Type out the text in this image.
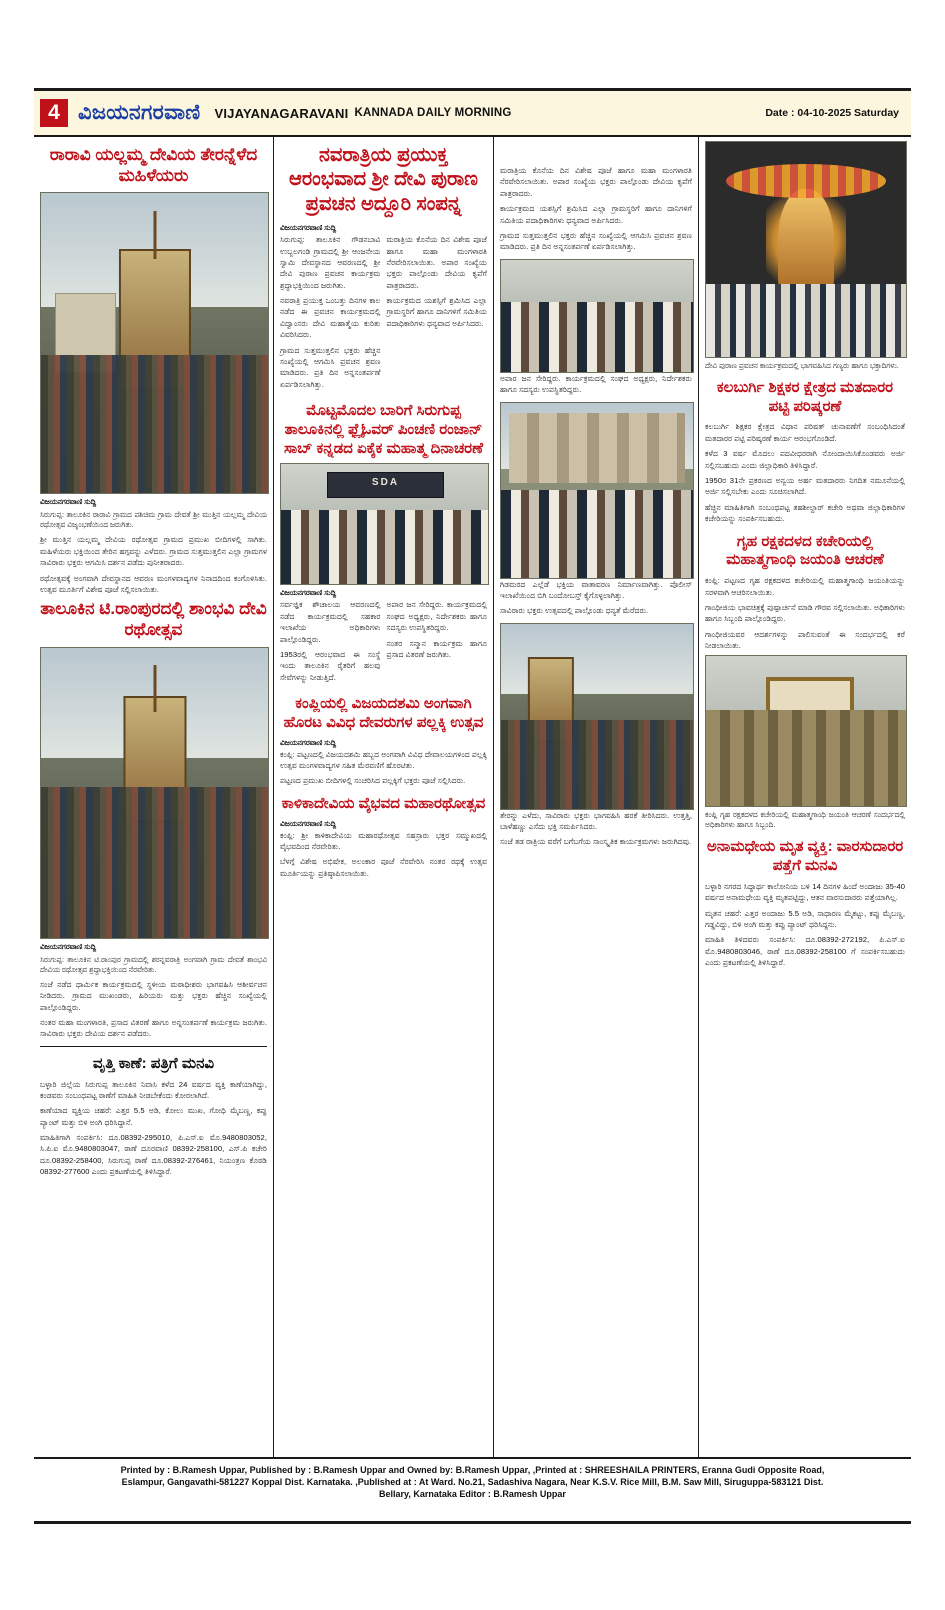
4 ವಿಜಯನಗರವಾಣಿ VIJAYANAGARAVANI KANNADA DAILY MORNING	Date : 04-10-2025 Saturday
ರಾರಾವಿ ಯಲ್ಲಮ್ಮ ದೇವಿಯ ತೇರನ್ನೆಳೆದ ಮಹಿಳೆಯರು
ವಿಜಯನಗರವಾಣಿ ಸುದ್ದಿ

ಸಿರುಗುಪ್ಪ: ತಾಲೂಕಿನ ರಾರಾವಿ ಗ್ರಾಮದ ಪಶಿಚಿಮ ಗ್ರಾಮ ದೇವತೆ ಶ್ರೀ ಮುತ್ತಿನ ಯಲ್ಲಮ್ಮ ದೇವಿಯ ರಥೋತ್ಸವ ವಿಜೃಂಭಣೆಯಿಂದ ಜರುಗಿತು.

ಶ್ರೀ ಮುತ್ತಿನ ಯಲ್ಲಮ್ಮ ದೇವಿಯ ರಥೋತ್ಸವ ಗ್ರಾಮದ ಪ್ರಮುಖ ಬೀದಿಗಳಲ್ಲಿ ಸಾಗಿತು. ಮಹಿಳೆಯರು ಭಕ್ತಿಯಿಂದ ತೇರಿನ ಹಗ್ಗವನ್ನು ಎಳೆದರು. ಗ್ರಾಮದ ಸುತ್ತಮುತ್ತಲಿನ ಎಲ್ಲಾ ಗ್ರಾಮಗಳ ಸಾವಿರಾರು ಭಕ್ತರು ಆಗಮಿಸಿ ದರ್ಶನ ಪಡೆದು ಪುನೀತರಾದರು.

ರಥೋತ್ಸವಕ್ಕೆ ಅಂಗವಾಗಿ ದೇವಸ್ಥಾನದ ಆವರಣ ಮಂಗಳವಾದ್ಯಗಳ ನಿನಾದದಿಂದ ಕಂಗೊಳಿಸಿತು. ಉತ್ಸವ ಮೂರ್ತಿಗೆ ವಿಶೇಷ ಪೂಜೆ ಸಲ್ಲಿಸಲಾಯಿತು.

ತಾಲೂಕಿನ ಟಿ.ರಾಂಪುರದಲ್ಲಿ ಶಾಂಭವಿ ದೇವಿ ರಥೋತ್ಸವ
ವಿಜಯನಗರವಾಣಿ ಸುದ್ದಿ

ಸಿರುಗುಪ್ಪ: ತಾಲೂಕಿನ ಟಿ.ರಾಂಪುರ ಗ್ರಾಮದಲ್ಲಿ ಶರನ್ನವರಾತ್ರಿ ಅಂಗವಾಗಿ ಗ್ರಾಮ ದೇವತೆ ಶಾಂಭವಿ ದೇವಿಯ ರಥೋತ್ಸವ ಶ್ರದ್ಧಾಭಕ್ತಿಯಿಂದ ನೆರವೇರಿತು.

ಸಂಜೆ ನಡೆದ ಧಾರ್ಮಿಕ ಕಾರ್ಯಕ್ರಮದಲ್ಲಿ ಸ್ಥಳೀಯ ಮಠಾಧೀಶರು ಭಾಗವಹಿಸಿ ಆಶೀರ್ವಚನ ನೀಡಿದರು. ಗ್ರಾಮದ ಮುಖಂಡರು, ಹಿರಿಯರು ಮತ್ತು ಭಕ್ತರು ಹೆಚ್ಚಿನ ಸಂಖ್ಯೆಯಲ್ಲಿ ಪಾಲ್ಗೊಂಡಿದ್ದರು.

ನಂತರ ಮಹಾ ಮಂಗಳಾರತಿ, ಪ್ರಸಾದ ವಿತರಣೆ ಹಾಗೂ ಅನ್ನಸಂತರ್ಪಣೆ ಕಾರ್ಯಕ್ರಮ ಜರುಗಿತು. ಸಾವಿರಾರು ಭಕ್ತರು ದೇವಿಯ ದರ್ಶನ ಪಡೆದರು.

ವೃತ್ತಿ ಕಾಣೆ: ಪತ್ರಿಗೆ ಮನವಿ

ಬಳ್ಳಾರಿ ಜಿಲ್ಲೆಯ ಸಿರುಗುಪ್ಪ ತಾಲೂಕಿನ ನಿವಾಸಿ ಕಳೆದ 24 ವರ್ಷದ ವ್ಯಕ್ತಿ ಕಾಣೆಯಾಗಿದ್ದು, ಕಂಡವರು ಸಂಬಂಧಪಟ್ಟ ಠಾಣೆಗೆ ಮಾಹಿತಿ ನೀಡಬೇಕೆಂದು ಕೋರಲಾಗಿದೆ.

ಕಾಣೆಯಾದ ವ್ಯಕ್ತಿಯ ಚಹರೆ: ಎತ್ತರ 5.5 ಅಡಿ, ಕೋಲು ಮುಖ, ಗೋಧಿ ಮೈಬಣ್ಣ, ಕಪ್ಪು ಪ್ಯಾಂಟ್ ಮತ್ತು ಬಿಳಿ ಅಂಗಿ ಧರಿಸಿದ್ದಾನೆ.

ಮಾಹಿತಿಗಾಗಿ ಸಂಪರ್ಕಿಸಿ: ದೂ.08392-295010, ಪಿ.ಎಸ್.ಐ ಮೊ.9480803052, ಸಿ.ಪಿ.ಐ ಮೊ.9480803047, ಠಾಣೆ ದೂರವಾಣಿ 08392-258100, ಎಸ್.ಪಿ ಕಚೇರಿ ದೂ.08392-258400, ಸಿರುಗುಪ್ಪ ಠಾಣೆ ದೂ.08392-276461, ನಿಯಂತ್ರಣ ಕೊಠಡಿ 08392-277600 ಎಂದು ಪ್ರಕಟಣೆಯಲ್ಲಿ ತಿಳಿಸಿದ್ದಾರೆ.

ನವರಾತ್ರಿಯ ಪ್ರಯುಕ್ತ ಆರಂಭವಾದ ಶ್ರೀ ದೇವಿ ಪುರಾಣ ಪ್ರವಚನ ಅದ್ದೂರಿ ಸಂಪನ್ನ
ವಿಜಯನಗರವಾಣಿ ಸುದ್ದಿ

ಸಿರುಗುಪ್ಪ: ತಾಲೂಕಿನ ಗೌಡನಬಾವಿ ಉಬ್ಬಲಗಂಡಿ ಗ್ರಾಮದಲ್ಲಿ ಶ್ರೀ ಆಂಜನೇಯ ಸ್ವಾಮಿ ದೇವಸ್ಥಾನದ ಆವರಣದಲ್ಲಿ ಶ್ರೀ ದೇವಿ ಪುರಾಣ ಪ್ರವಚನ ಕಾರ್ಯಕ್ರಮ ಶ್ರದ್ಧಾಭಕ್ತಿಯಿಂದ ಜರುಗಿತು.

ನವರಾತ್ರಿ ಪ್ರಯುಕ್ತ ಒಂಬತ್ತು ದಿನಗಳ ಕಾಲ ನಡೆದ ಈ ಪ್ರವಚನ ಕಾರ್ಯಕ್ರಮದಲ್ಲಿ ವಿದ್ವಾಂಸರು ದೇವಿ ಮಹಾತ್ಮೆಯ ಕುರಿತು ವಿವರಿಸಿದರು.

ಗ್ರಾಮದ ಸುತ್ತಮುತ್ತಲಿನ ಭಕ್ತರು ಹೆಚ್ಚಿನ ಸಂಖ್ಯೆಯಲ್ಲಿ ಆಗಮಿಸಿ ಪ್ರವಚನ ಶ್ರವಣ ಮಾಡಿದರು. ಪ್ರತಿ ದಿನ ಅನ್ನಸಂತರ್ಪಣೆ ಏರ್ಪಡಿಸಲಾಗಿತ್ತು.

ಮರಾತ್ರಿಯ ಕೊನೆಯ ದಿನ ವಿಶೇಷ ಪೂಜೆ ಹಾಗೂ ಮಹಾ ಮಂಗಳಾರತಿ ನೆರವೇರಿಸಲಾಯಿತು. ಅಪಾರ ಸಂಖ್ಯೆಯ ಭಕ್ತರು ಪಾಲ್ಗೊಂಡು ದೇವಿಯ ಕೃಪೆಗೆ ಪಾತ್ರರಾದರು.

ಕಾರ್ಯಕ್ರಮದ ಯಶಸ್ಸಿಗೆ ಶ್ರಮಿಸಿದ ಎಲ್ಲಾ ಗ್ರಾಮಸ್ಥರಿಗೆ ಹಾಗೂ ದಾನಿಗಳಿಗೆ ಸಮಿತಿಯ ಪದಾಧಿಕಾರಿಗಳು ಧನ್ಯವಾದ ಅರ್ಪಿಸಿದರು.

ಮೊಟ್ಟಮೊದಲ ಬಾರಿಗೆ ಸಿರುಗುಪ್ಪ ತಾಲೂಕಿನಲ್ಲಿ ಫ್ಲೈಓವರ್ ಪಿಂಚಣಿ ರಂಜಾನ್ ಸಾಬ್ ಕನ್ನಡದ ಏಕೈಕ ಮಹಾತ್ಮ ದಿನಾಚರಣೆ
SDA
ವಿಜಯನಗರವಾಣಿ ಸುದ್ದಿ

ಸರ್ವಜ್ಞಿಕ ಶೌಚಾಲಯ ಆವರಣದಲ್ಲಿ ನಡೆದ ಕಾರ್ಯಕ್ರಮದಲ್ಲಿ ಸಹಕಾರ ಇಲಾಖೆಯ ಅಧಿಕಾರಿಗಳು ಪಾಲ್ಗೊಂಡಿದ್ದರು.

1953ರಲ್ಲಿ ಆರಂಭವಾದ ಈ ಸಂಸ್ಥೆ ಇಂದು ತಾಲೂಕಿನ ರೈತರಿಗೆ ಹಲವು ಸೇವೆಗಳನ್ನು ನೀಡುತ್ತಿದೆ.

ಅಪಾರ ಜನ ಸೇರಿದ್ದರು. ಕಾರ್ಯಕ್ರಮದಲ್ಲಿ ಸಂಘದ ಅಧ್ಯಕ್ಷರು, ನಿರ್ದೇಶಕರು ಹಾಗೂ ಸದಸ್ಯರು ಉಪಸ್ಥಿತರಿದ್ದರು.

ನಂತರ ಸನ್ಮಾನ ಕಾರ್ಯಕ್ರಮ ಹಾಗೂ ಪ್ರಸಾದ ವಿತರಣೆ ಜರುಗಿತು.

ಕಂಪ್ಲಿಯಲ್ಲಿ ವಿಜಯದಶಮಿ ಅಂಗವಾಗಿ ಹೊರಟ ವಿವಿಧ ದೇವರುಗಳ ಪಲ್ಲಕ್ಕಿ ಉತ್ಸವ
ವಿಜಯನಗರವಾಣಿ ಸುದ್ದಿ

ಕಂಪ್ಲಿ: ಪಟ್ಟಣದಲ್ಲಿ ವಿಜಯದಶಮಿ ಹಬ್ಬದ ಅಂಗವಾಗಿ ವಿವಿಧ ದೇವಾಲಯಗಳಿಂದ ಪಲ್ಲಕ್ಕಿ ಉತ್ಸವ ಮಂಗಳವಾದ್ಯಗಳ ಸಹಿತ ಮೆರವಣಿಗೆ ಹೊರಟಿತು.

ಪಟ್ಟಣದ ಪ್ರಮುಖ ಬೀದಿಗಳಲ್ಲಿ ಸಂಚರಿಸಿದ ಪಲ್ಲಕ್ಕಿಗೆ ಭಕ್ತರು ಪೂಜೆ ಸಲ್ಲಿಸಿದರು.

ಕಾಳಿಕಾದೇವಿಯ ವೈಭವದ ಮಹಾರಥೋತ್ಸವ
ವಿಜಯನಗರವಾಣಿ ಸುದ್ದಿ

ಕಂಪ್ಲಿ: ಶ್ರೀ ಕಾಳಿಕಾದೇವಿಯ ಮಹಾರಥೋತ್ಸವ ಸಹಸ್ರಾರು ಭಕ್ತರ ಸಮ್ಮುಖದಲ್ಲಿ ವೈಭವದಿಂದ ನೆರವೇರಿತು.

ಬೆಳಗ್ಗೆ ವಿಶೇಷ ಅಭಿಷೇಕ, ಅಲಂಕಾರ ಪೂಜೆ ನೆರವೇರಿಸಿ ನಂತರ ರಥಕ್ಕೆ ಉತ್ಸವ ಮೂರ್ತಿಯನ್ನು ಪ್ರತಿಷ್ಠಾಪಿಸಲಾಯಿತು.

ಮರಾತ್ರಿಯ ಕೊನೆಯ ದಿನ ವಿಶೇಷ ಪೂಜೆ ಹಾಗೂ ಮಹಾ ಮಂಗಳಾರತಿ ನೆರವೇರಿಸಲಾಯಿತು. ಅಪಾರ ಸಂಖ್ಯೆಯ ಭಕ್ತರು ಪಾಲ್ಗೊಂಡು ದೇವಿಯ ಕೃಪೆಗೆ ಪಾತ್ರರಾದರು.

ಕಾರ್ಯಕ್ರಮದ ಯಶಸ್ಸಿಗೆ ಶ್ರಮಿಸಿದ ಎಲ್ಲಾ ಗ್ರಾಮಸ್ಥರಿಗೆ ಹಾಗೂ ದಾನಿಗಳಿಗೆ ಸಮಿತಿಯ ಪದಾಧಿಕಾರಿಗಳು ಧನ್ಯವಾದ ಅರ್ಪಿಸಿದರು.

ಗ್ರಾಮದ ಸುತ್ತಮುತ್ತಲಿನ ಭಕ್ತರು ಹೆಚ್ಚಿನ ಸಂಖ್ಯೆಯಲ್ಲಿ ಆಗಮಿಸಿ ಪ್ರವಚನ ಶ್ರವಣ ಮಾಡಿದರು. ಪ್ರತಿ ದಿನ ಅನ್ನಸಂತರ್ಪಣೆ ಏರ್ಪಡಿಸಲಾಗಿತ್ತು.

ಅಪಾರ ಜನ ಸೇರಿದ್ದರು. ಕಾರ್ಯಕ್ರಮದಲ್ಲಿ ಸಂಘದ ಅಧ್ಯಕ್ಷರು, ನಿರ್ದೇಶಕರು ಹಾಗೂ ಸದಸ್ಯರು ಉಪಸ್ಥಿತರಿದ್ದರು.

ಗಿಡಮರದ ಎಲ್ಲೆಡೆ ಭಕ್ತಿಯ ವಾತಾವರಣ ನಿರ್ಮಾಣವಾಗಿತ್ತು. ಪೊಲೀಸ್ ಇಲಾಖೆಯಿಂದ ಬಿಗಿ ಬಂದೋಬಸ್ತ್ ಕೈಗೊಳ್ಳಲಾಗಿತ್ತು.

ಸಾವಿರಾರು ಭಕ್ತರು ಉತ್ಸವದಲ್ಲಿ ಪಾಲ್ಗೊಂಡು ಧನ್ಯತೆ ಮೆರೆದರು.

ತೇರನ್ನು ಎಳೆದು, ಸಾವಿರಾರು ಭಕ್ತರು ಭಾಗವಹಿಸಿ ಹರಕೆ ತೀರಿಸಿದರು. ಉತ್ತತ್ತಿ, ಬಾಳೆಹಣ್ಣು ಎಸೆದು ಭಕ್ತಿ ಸಮರ್ಪಿಸಿದರು.

ಸಂಜೆ ತಡ ರಾತ್ರಿಯ ವರೆಗೆ ಬಗೆಬಗೆಯ ಸಾಂಸ್ಕೃತಿಕ ಕಾರ್ಯಕ್ರಮಗಳು ಜರುಗಿದವು.

ದೇವಿ ಪುರಾಣ ಪ್ರವಚನ ಕಾರ್ಯಕ್ರಮದಲ್ಲಿ ಭಾಗವಹಿಸಿದ ಗಣ್ಯರು ಹಾಗೂ ಭಕ್ತಾದಿಗಳು.

ಕಲಬುರ್ಗಿ ಶಿಕ್ಷಕರ ಕ್ಷೇತ್ರದ ಮತದಾರರ ಪಟ್ಟಿ ಪರಿಷ್ಕರಣೆ

ಕಲಬುರ್ಗಿ ಶಿಕ್ಷಕರ ಕ್ಷೇತ್ರದ ವಿಧಾನ ಪರಿಷತ್ ಚುನಾವಣೆಗೆ ಸಂಬಂಧಿಸಿದಂತೆ ಮತದಾರರ ಪಟ್ಟಿ ಪರಿಷ್ಕರಣೆ ಕಾರ್ಯ ಆರಂಭಗೊಂಡಿದೆ.

ಕಳೆದ 3 ವರ್ಷ ಮೊದಲು ಪದವೀಧರರಾಗಿ ನೋಂದಾಯಿಸಿಕೊಂಡವರು ಅರ್ಜಿ ಸಲ್ಲಿಸಬಹುದು ಎಂದು ಜಿಲ್ಲಾಧಿಕಾರಿ ತಿಳಿಸಿದ್ದಾರೆ.

1950ರ 31ನೇ ಪ್ರಕರಣದ ಅನ್ವಯ ಅರ್ಹ ಮತದಾರರು ನಿಗದಿತ ನಮೂನೆಯಲ್ಲಿ ಅರ್ಜಿ ಸಲ್ಲಿಸಬೇಕು ಎಂದು ಸೂಚಿಸಲಾಗಿದೆ.

ಹೆಚ್ಚಿನ ಮಾಹಿತಿಗಾಗಿ ಸಂಬಂಧಪಟ್ಟ ತಹಶೀಲ್ದಾರ್ ಕಚೇರಿ ಅಥವಾ ಜಿಲ್ಲಾಧಿಕಾರಿಗಳ ಕಚೇರಿಯನ್ನು ಸಂಪರ್ಕಿಸಬಹುದು.

ಗೃಹ ರಕ್ಷಕದಳದ ಕಚೇರಿಯಲ್ಲಿ ಮಹಾತ್ಮಗಾಂಧಿ ಜಯಂತಿ ಆಚರಣೆ

ಕಂಪ್ಲಿ: ಪಟ್ಟಣದ ಗೃಹ ರಕ್ಷಕದಳದ ಕಚೇರಿಯಲ್ಲಿ ಮಹಾತ್ಮಗಾಂಧಿ ಜಯಂತಿಯನ್ನು ಸರಳವಾಗಿ ಆಚರಿಸಲಾಯಿತು.

ಗಾಂಧೀಜಿಯ ಭಾವಚಿತ್ರಕ್ಕೆ ಪುಷ್ಪಾರ್ಚನೆ ಮಾಡಿ ಗೌರವ ಸಲ್ಲಿಸಲಾಯಿತು. ಅಧಿಕಾರಿಗಳು ಹಾಗೂ ಸಿಬ್ಬಂದಿ ಪಾಲ್ಗೊಂಡಿದ್ದರು.

ಗಾಂಧೀಜಿಯವರ ಆದರ್ಶಗಳನ್ನು ಪಾಲಿಸುವಂತೆ ಈ ಸಂದರ್ಭದಲ್ಲಿ ಕರೆ ನೀಡಲಾಯಿತು.

ಕಂಪ್ಲಿ ಗೃಹ ರಕ್ಷಕದಳದ ಕಚೇರಿಯಲ್ಲಿ ಮಹಾತ್ಮಗಾಂಧಿ ಜಯಂತಿ ಆಚರಣೆ ಸಂದರ್ಭದಲ್ಲಿ ಅಧಿಕಾರಿಗಳು ಹಾಗೂ ಸಿಬ್ಬಂದಿ.

ಅನಾಮಧೇಯ ಮೃತ ವ್ಯಕ್ತಿ: ವಾರಸುದಾರರ ಪತ್ತೆಗೆ ಮನವಿ

ಬಳ್ಳಾರಿ ನಗರದ ಸಿದ್ಧಾರ್ಥ ಕಾಲೋನಿಯ ಬಳಿ 14 ದಿನಗಳ ಹಿಂದೆ ಅಂದಾಜು 35-40 ವರ್ಷದ ಅನಾಮಧೇಯ ವ್ಯಕ್ತಿ ಮೃತಪಟ್ಟಿದ್ದು, ಆತನ ವಾರಸುದಾರರು ಪತ್ತೆಯಾಗಿಲ್ಲ.

ಮೃತನ ಚಹರೆ: ಎತ್ತರ ಅಂದಾಜು 5.5 ಅಡಿ, ಸಾಧಾರಣ ಮೈಕಟ್ಟು, ಕಪ್ಪು ಮೈಬಣ್ಣ, ಗಡ್ಡವಿದ್ದು, ಬಿಳಿ ಅಂಗಿ ಮತ್ತು ಕಪ್ಪು ಪ್ಯಾಂಟ್ ಧರಿಸಿದ್ದನು.

ಮಾಹಿತಿ ತಿಳಿದವರು ಸಂಪರ್ಕಿಸಿ: ದೂ.08392-272192, ಪಿ.ಎಸ್.ಐ ಮೊ.9480803046, ಠಾಣೆ ದೂ.08392-258100 ಗೆ ಸಂಪರ್ಕಿಸಬಹುದು ಎಂದು ಪ್ರಕಟಣೆಯಲ್ಲಿ ತಿಳಿಸಿದ್ದಾರೆ.

Printed by : B.Ramesh Uppar, Published by : B.Ramesh Uppar and Owned by: B.Ramesh Uppar, ,Printed at : SHREESHAILA PRINTERS, Eranna Gudi Opposite Road,
Eslampur, Gangavathi-581227 Koppal Dist. Karnataka. ,Published at : At Ward. No.21, Sadashiva Nagara, Near K.S.V. Rice Mill, B.M. Saw Mill, Siruguppa-583121 Dist.
Bellary, Karnataka Editor : B.Ramesh Uppar
